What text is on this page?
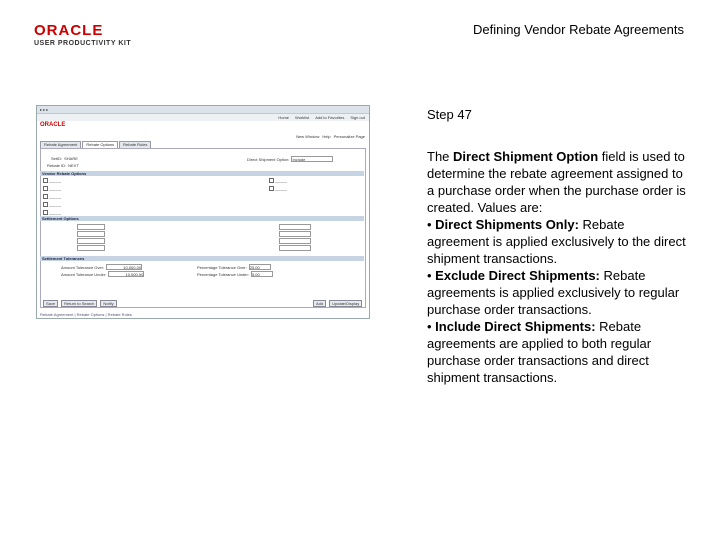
ORACLE
USER PRODUCTIVITY KIT
Defining Vendor Rebate Agreements
▸ ▸ ▸
Home Worklist Add to Favorites Sign out
ORACLE
New Window Help Personalize Page
Rebate Agreement	Rebate Options	Rebate Rules
SetID: SHARE
Rebate ID: NEXT
Direct Shipment Option: Include
Vendor Rebate Options
———
———
———
———
———
———
———
Settlement Options
Settlement Tolerances
Amount Tolerance Over:	10,000.00
Amount Tolerance Under:	10,000.00
Percentage Tolerance Over: 25.00
Percentage Tolerance Under: 5.00
Save	Return to Search	Notify	Add	Update/Display
Rebate Agreement | Rebate Options | Rebate Rules
Step 47

The Direct Shipment Option field is used to determine the rebate agreement assigned to a purchase order when the purchase order is created. Values are:

• Direct Shipments Only: Rebate agreement is applied exclusively to the direct shipment transactions.

• Exclude Direct Shipments: Rebate agreements is applied exclusively to regular purchase order transactions.

• Include Direct Shipments: Rebate agreements are applied to both regular purchase order transactions and direct shipment transactions.
